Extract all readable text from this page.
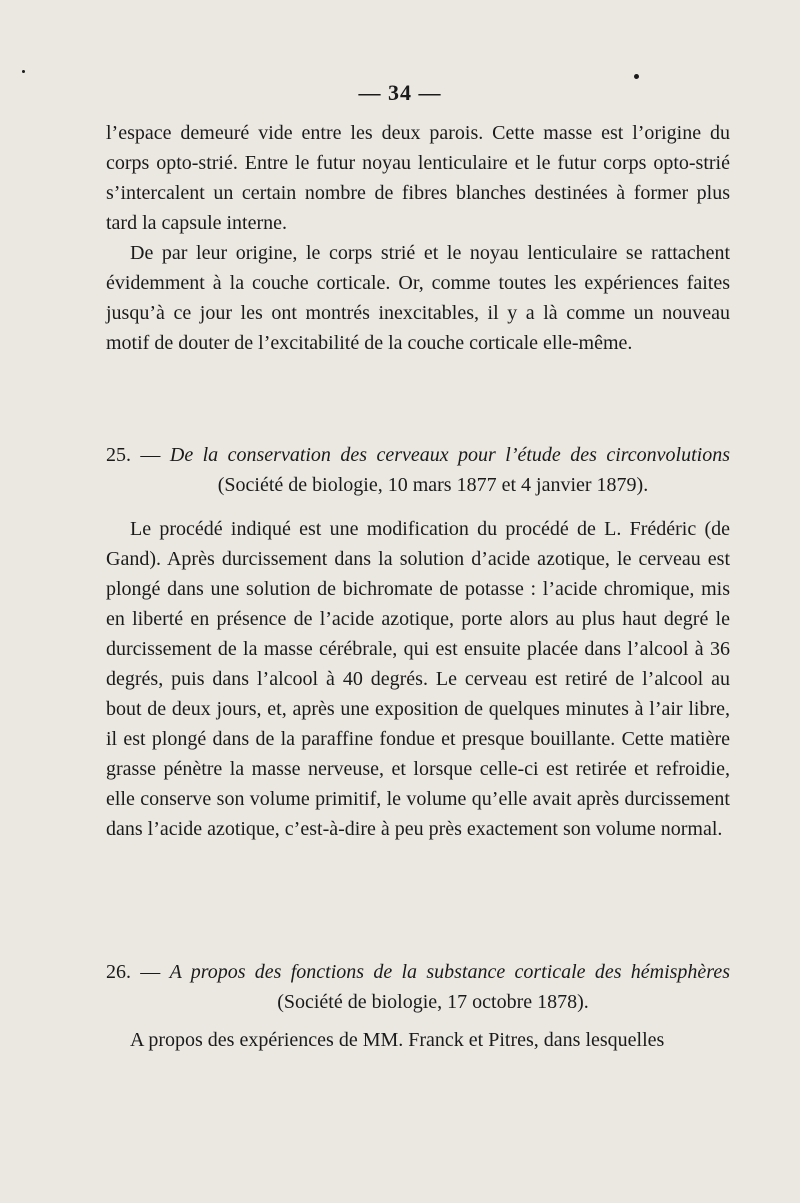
— 34 —

l’espace demeuré vide entre les deux parois. Cette masse est l’origine du corps opto-strié. Entre le futur noyau lenticulaire et le futur corps opto-strié s’intercalent un certain nombre de fibres blanches destinées à former plus tard la capsule interne.

De par leur origine, le corps strié et le noyau lenticulaire se rattachent évidemment à la couche corticale. Or, comme toutes les expériences faites jusqu’à ce jour les ont montrés inexcitables, il y a là comme un nouveau motif de douter de l’excitabilité de la couche corticale elle-même.

25. — De la conservation des cerveaux pour l’étude des circonvolutions
(Société de biologie, 10 mars 1877 et 4 janvier 1879).

Le procédé indiqué est une modification du procédé de L. Frédéric (de Gand). Après durcissement dans la solution d’acide azotique, le cerveau est plongé dans une solution de bichromate de potasse : l’acide chromique, mis en liberté en présence de l’acide azotique, porte alors au plus haut degré le durcissement de la masse cérébrale, qui est ensuite placée dans l’alcool à 36 degrés, puis dans l’alcool à 40 degrés. Le cerveau est retiré de l’alcool au bout de deux jours, et, après une exposition de quelques minutes à l’air libre, il est plongé dans de la paraffine fondue et presque bouillante. Cette matière grasse pénètre la masse nerveuse, et lorsque celle-ci est retirée et refroidie, elle conserve son volume primitif, le volume qu’elle avait après durcissement dans l’acide azotique, c’est-à-dire à peu près exactement son volume normal.

26. — A propos des fonctions de la substance corticale des hémisphères
(Société de biologie, 17 octobre 1878).

A propos des expériences de MM. Franck et Pitres, dans lesquelles
